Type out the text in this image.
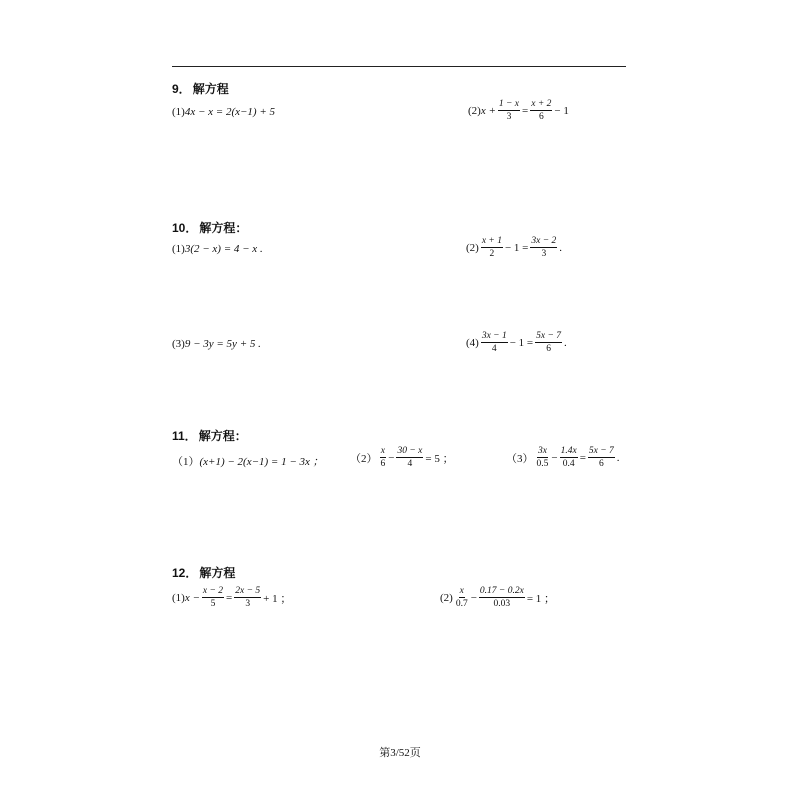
9． 解方程
(1) 4x − x = 2(x−1) + 5	(2) $x + \frac{1 - x}{3} = \frac{x + 2}{6} - 1$
10． 解方程：
(1) 3(2 − x) = 4 − x .	$(2) \frac{x + 1}{2} - 1 = \frac{3x - 2}{3}$ .
(3) 9 − 3y = 5y + 5 .	$(4) \frac{3x - 1}{4} - 1 = \frac{5x - 7}{6}$ .
11． 解方程：
（1） (x+1) − 2(x−1) = 1 − 3x ； $(2) \frac{x}{6} - \frac{30 - x}{4} = 5$ ；	$(3) \frac{3x}{0.5} - \frac{1.4x}{0.4} = \frac{5x - 7}{6}$ .
12． 解方程
(1) $x - \frac{x - 2}{5} = \frac{2x - 5}{3} + 1$ ；	$(2) \frac{x}{0.7} - \frac{0.17 - 0.2x}{0.03} = 1$ ；
第3/52页
